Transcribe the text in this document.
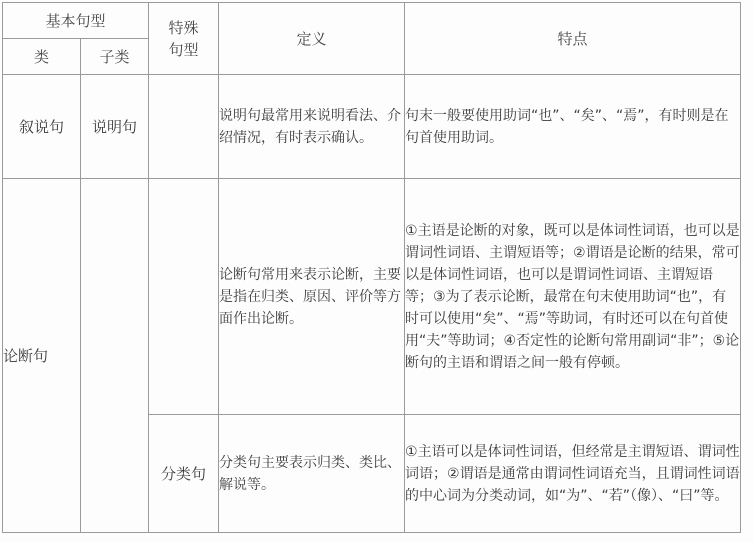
基本句型		特殊
句型	定义	特点
类	子类			
叙说句	说明句		说明句最常用来说明看法、介绍情况，有时表示确认。	句末一般要使用助词“也”、“矣”、“焉”，有时则是在句首使用助词。
论断句			论断句常用来表示论断，主要是指在归类、原因、评价等方面作出论断。	①主语是论断的对象，既可以是体词性词语，也可以是谓词性词语、主谓短语等；②谓语是论断的结果，常可以是体词性词语，也可以是谓词性词语、主谓短语等；③为了表示论断，最常在句末使用助词“也”，有时可以使用“矣”、“焉”等助词，有时还可以在句首使用“夫”等助词；④否定性的论断句常用副词“非”；⑤论断句的主语和谓语之间一般有停顿。
		分类句	分类句主要表示归类、类比、解说等。	①主语可以是体词性词语，但经常是主谓短语、谓词性词语；②谓语是通常由谓词性词语充当，且谓词性词语的中心词为分类动词，如“为”、“若”（像）、“曰”等。
